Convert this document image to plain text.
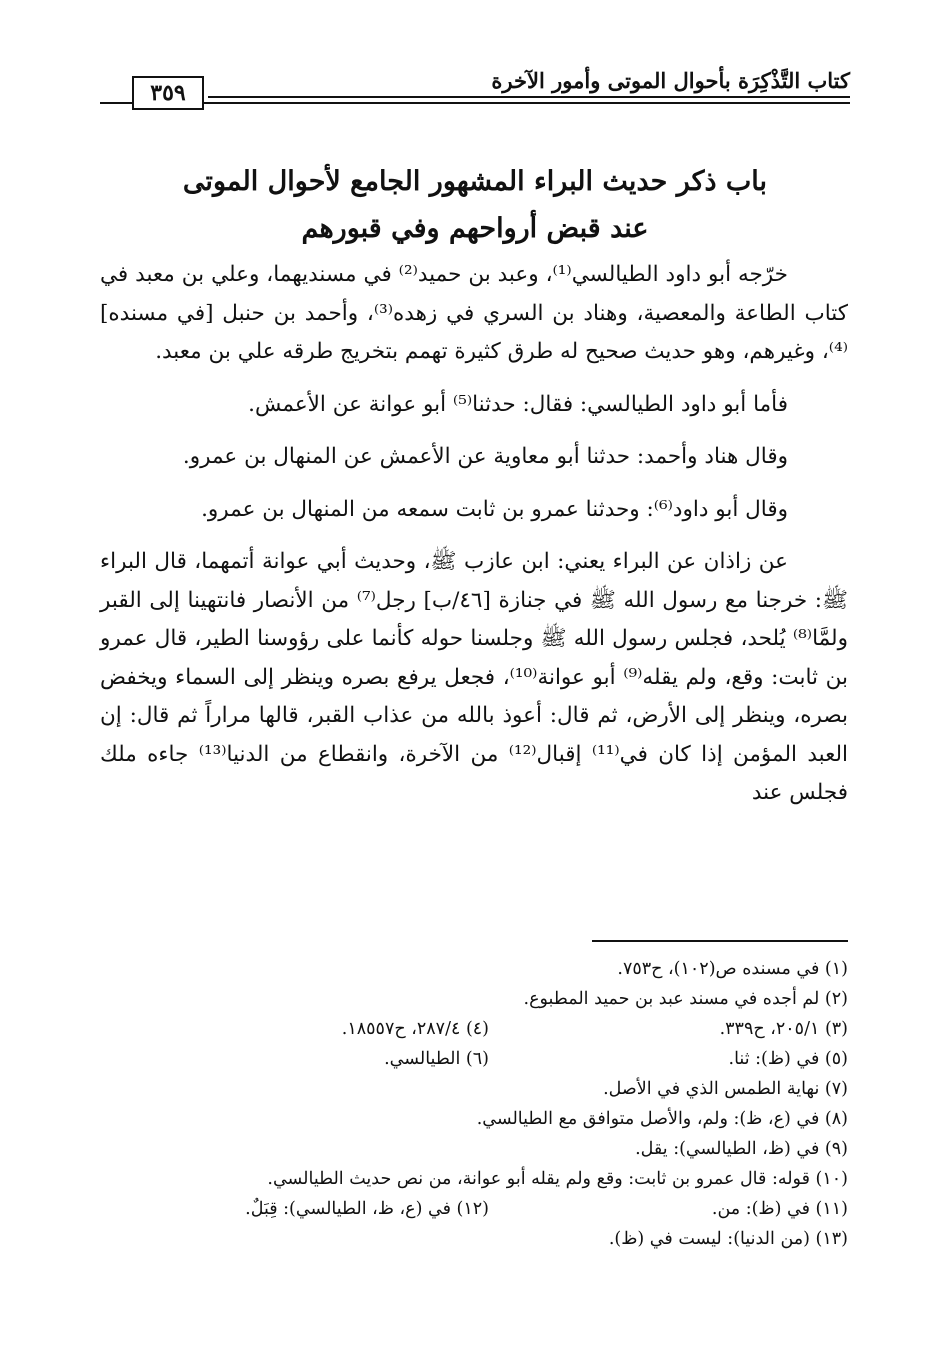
كتاب التَّذْكِرَة بأحوال الموتى وأمور الآخرة
٣٥٩
باب ذكر حديث البراء المشهور الجامع لأحوال الموتى
عند قبض أرواحهم وفي قبورهم

خرّجه أبو داود الطيالسي⁽¹⁾، وعبد بن حميد⁽²⁾ في مسنديهما، وعلي بن معبد في كتاب الطاعة والمعصية، وهناد بن السري في زهده⁽³⁾، وأحمد بن حنبل [في مسنده]⁽⁴⁾، وغيرهم، وهو حديث صحيح له طرق كثيرة تهمم بتخريج طرقه علي بن معبد.

فأما أبو داود الطيالسي: فقال: حدثنا⁽⁵⁾ أبو عوانة عن الأعمش.

وقال هناد وأحمد: حدثنا أبو معاوية عن الأعمش عن المنهال بن عمرو.

وقال أبو داود⁽⁶⁾: وحدثنا عمرو بن ثابت سمعه من المنهال بن عمرو.

عن زاذان عن البراء يعني: ابن عازب ﷺ، وحديث أبي عوانة أتمهما، قال البراء ﷺ: خرجنا مع رسول الله ﷺ في جنازة [٤٦/ب] رجل⁽⁷⁾ من الأنصار فانتهينا إلى القبر ولمَّا⁽⁸⁾ يُلحد، فجلس رسول الله ﷺ وجلسنا حوله كأنما على رؤوسنا الطير، قال عمرو بن ثابت: وقع، ولم يقله⁽⁹⁾ أبو عوانة⁽¹⁰⁾، فجعل يرفع بصره وينظر إلى السماء ويخفض بصره، وينظر إلى الأرض، ثم قال: أعوذ بالله من عذاب القبر، قالها مراراً ثم قال: إن العبد المؤمن إذا كان في⁽¹¹⁾ إقبال⁽¹²⁾ من الآخرة، وانقطاع من الدنيا⁽¹³⁾ جاءه ملك فجلس عند

(١) في مسنده ص(١٠٢)، ح٧٥٣.
(٢) لم أجده في مسند عبد بن حميد المطبوع.
(٣) ٢٠٥/١، ح٣٣٩.
(٤) ٢٨٧/٤، ح١٨٥٥٧.
(٥) في (ظ): ثنا.
(٦) الطيالسي.
(٧) نهاية الطمس الذي في الأصل.
(٨) في (ع، ظ): ولم، والأصل متوافق مع الطيالسي.
(٩) في (ظ، الطيالسي): يقل.
(١٠) قوله: قال عمرو بن ثابت: وقع ولم يقله أبو عوانة، من نص حديث الطيالسي.
(١١) في (ظ): من.
(١٢) في (ع، ظ، الطيالسي): قِبَلٌ.
(١٣) (من الدنيا): ليست في (ظ).
